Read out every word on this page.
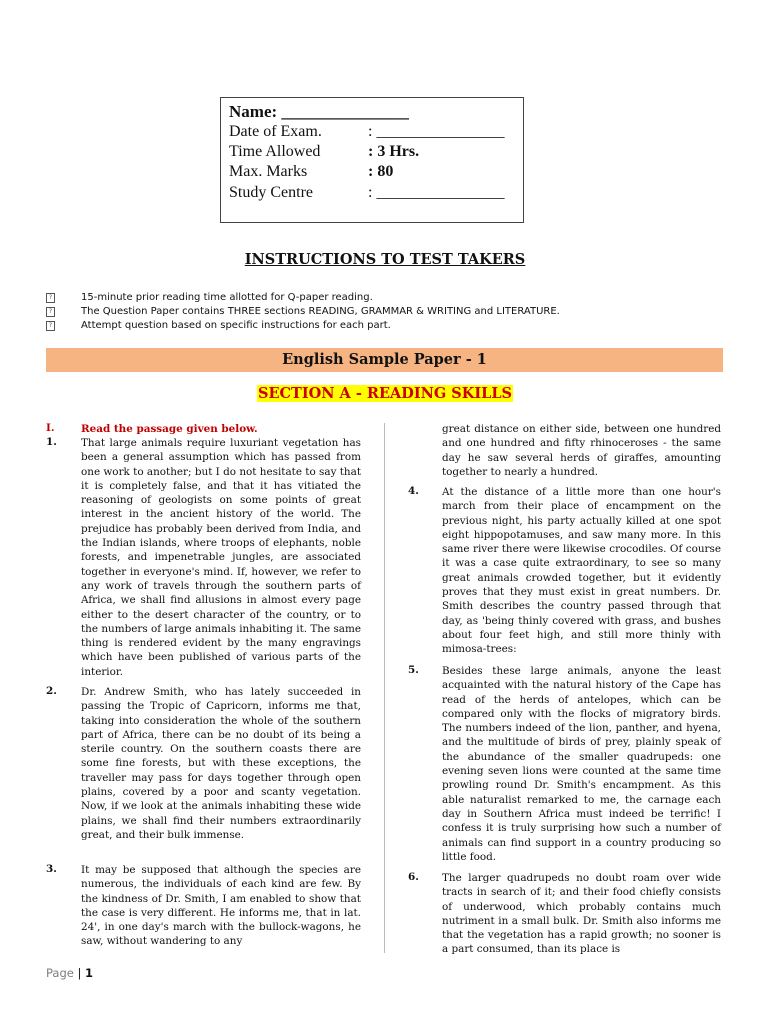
Name: _______________
Date of Exam.	: ________________
Time Allowed	: 3 Hrs.
Max. Marks	: 80
Study Centre	: ________________
INSTRUCTIONS TO TEST TAKERS
?	15-minute prior reading time allotted for Q-paper reading.
?	The Question Paper contains THREE sections READING, GRAMMAR & WRITING and LITERATURE.
?	Attempt question based on specific instructions for each part.
English Sample Paper - 1
SECTION A - READING SKILLS
I.	Read the passage given below.

1. That large animals require luxuriant vegetation has been a general assumption which has passed from one work to another; but I do not hesitate to say that it is completely false, and that it has vitiated the reasoning of geologists on some points of great interest in the ancient history of the world. The prejudice has probably been derived from India, and the Indian islands, where troops of elephants, noble forests, and impenetrable jungles, are associated together in everyone's mind. If, however, we refer to any work of travels through the southern parts of Africa, we shall find allusions in almost every page either to the desert character of the country, or to the numbers of large animals inhabiting it. The same thing is rendered evident by the many engravings which have been published of various parts of the interior.

2. Dr. Andrew Smith, who has lately succeeded in passing the Tropic of Capricorn, informs me that, taking into consideration the whole of the southern part of Africa, there can be no doubt of its being a sterile country. On the southern coasts there are some fine forests, but with these exceptions, the traveller may pass for days together through open plains, covered by a poor and scanty vegetation. Now, if we look at the animals inhabiting these wide plains, we shall find their numbers extraordinarily great, and their bulk immense.

3. It may be supposed that although the species are numerous, the individuals of each kind are few. By the kindness of Dr. Smith, I am enabled to show that the case is very different. He informs me, that in lat. 24', in one day's march with the bullock-wagons, he saw, without wandering to any

great distance on either side, between one hundred and one hundred and fifty rhinoceroses - the same day he saw several herds of giraffes, amounting together to nearly a hundred.

4. At the distance of a little more than one hour's march from their place of encampment on the previous night, his party actually killed at one spot eight hippopotamuses, and saw many more. In this same river there were likewise crocodiles. Of course it was a case quite extraordinary, to see so many great animals crowded together, but it evidently proves that they must exist in great numbers. Dr. Smith describes the country passed through that day, as 'being thinly covered with grass, and bushes about four feet high, and still more thinly with mimosa-trees:

5. Besides these large animals, anyone the least acquainted with the natural history of the Cape has read of the herds of antelopes, which can be compared only with the flocks of migratory birds. The numbers indeed of the lion, panther, and hyena, and the multitude of birds of prey, plainly speak of the abundance of the smaller quadrupeds: one evening seven lions were counted at the same time prowling round Dr. Smith's encampment. As this able naturalist remarked to me, the carnage each day in Southern Africa must indeed be terrific! I confess it is truly surprising how such a number of animals can find support in a country producing so little food.

6. The larger quadrupeds no doubt roam over wide tracts in search of it; and their food chiefly consists of underwood, which probably contains much nutriment in a small bulk. Dr. Smith also informs me that the vegetation has a rapid growth; no sooner is a part consumed, than its place is

Page | 1
